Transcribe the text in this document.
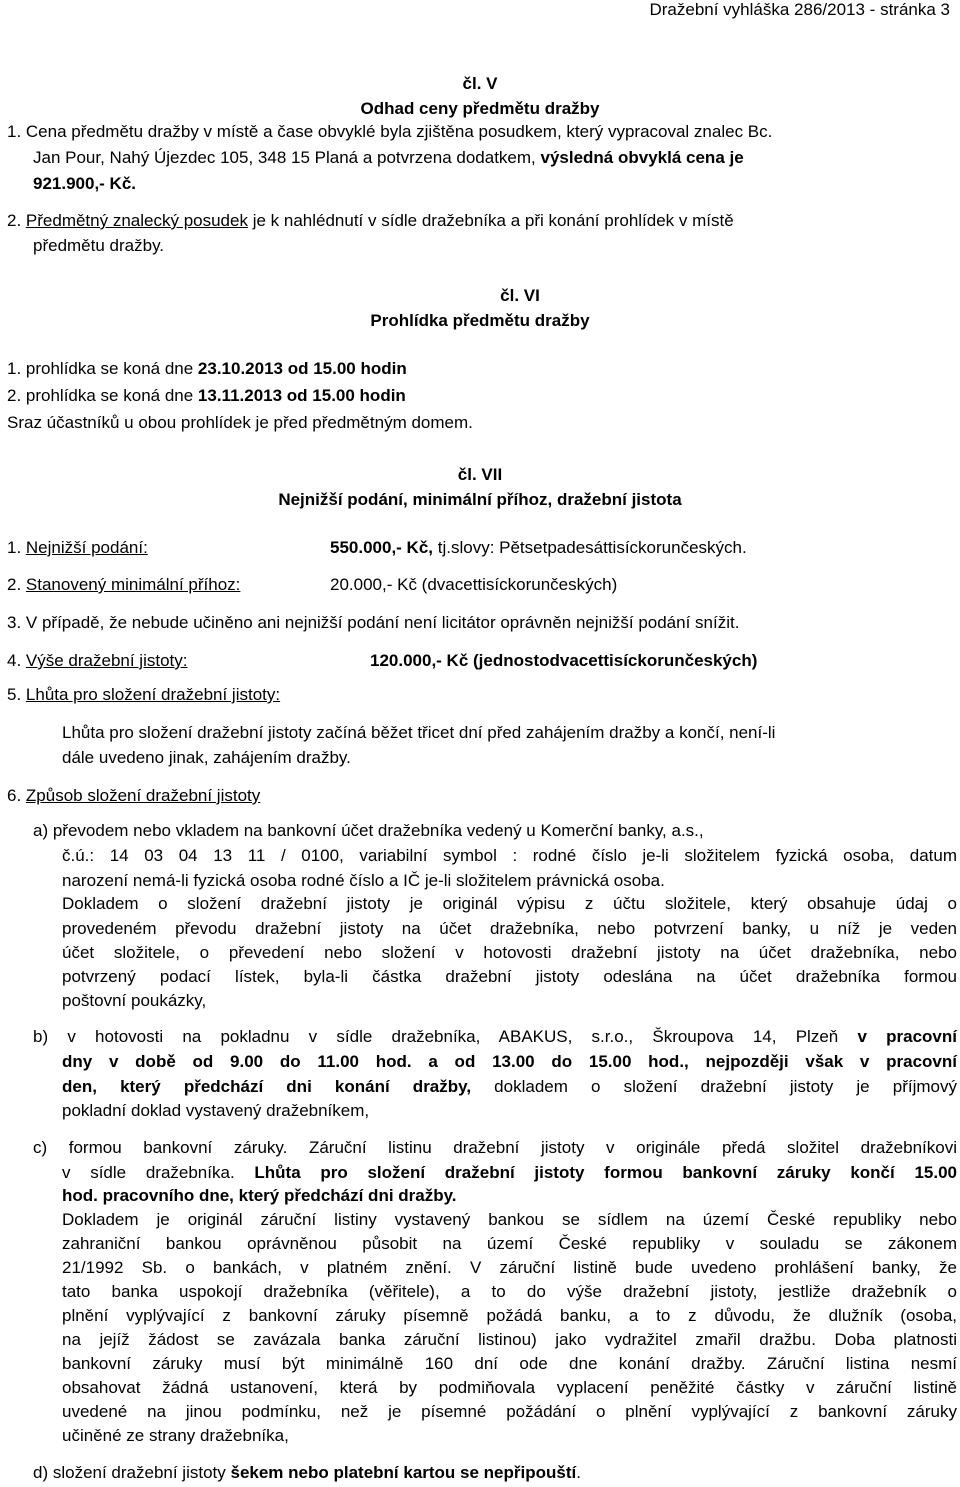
Dražební vyhláška 286/2013 - stránka 3
čl. V
Odhad ceny předmětu dražby
1. Cena předmětu dražby v místě a čase obvyklé byla zjištěna posudkem, který vypracoval znalec Bc.
Jan Pour, Nahý Újezdec 105, 348 15 Planá a potvrzena dodatkem, výsledná obvyklá cena je
921.900,- Kč.
2. Předmětný znalecký posudek je k nahlédnutí v sídle dražebníka a při konání prohlídek v místě
předmětu dražby.
čl. VI
Prohlídka předmětu dražby
1. prohlídka se koná dne 23.10.2013 od 15.00 hodin
2. prohlídka se koná dne 13.11.2013 od 15.00 hodin
Sraz účastníků u obou prohlídek je před předmětným domem.
čl. VII
Nejnižší podání, minimální příhoz, dražební jistota
1. Nejnižší podání:	550.000,- Kč, tj.slovy: Pětsetpadesáttisíckorunčeských.
2. Stanovený minimální příhoz:	20.000,- Kč (dvacettisíckorunčeských)
3. V případě, že nebude učiněno ani nejnižší podání není licitátor oprávněn nejnižší podání snížit.
4. Výše dražební jistoty:	120.000,- Kč (jednostodvacettisíckorunčeských)
5. Lhůta pro složení dražební jistoty:
Lhůta pro složení dražební jistoty začíná běžet třicet dní před zahájením dražby a končí, není-li
dále uvedeno jinak, zahájením dražby.
6. Způsob složení dražební jistoty
a) převodem nebo vkladem na bankovní účet dražebníka vedený u Komerční banky, a.s.,
č.ú.: 14 03 04 13 11 / 0100, variabilní symbol : rodné číslo je-li složitelem fyzická osoba, datum
narození nemá-li fyzická osoba rodné číslo a IČ je-li složitelem právnická osoba.
Dokladem o složení dražební jistoty je originál výpisu z účtu složitele, který obsahuje údaj o
provedeném převodu dražební jistoty na účet dražebníka, nebo potvrzení banky, u níž je veden
účet složitele, o převedení nebo složení v hotovosti dražební jistoty na účet dražebníka, nebo
potvrzený podací lístek, byla-li částka dražební jistoty odeslána na účet dražebníka formou
poštovní poukázky,
b) v hotovosti na pokladnu v sídle dražebníka, ABAKUS, s.r.o., Škroupova 14, Plzeň v pracovní
dny v době od 9.00 do 11.00 hod. a od 13.00 do 15.00 hod., nejpozději však v pracovní
den, který předchází dni konání dražby, dokladem o složení dražební jistoty je příjmový
pokladní doklad vystavený dražebníkem,
c) formou bankovní záruky. Záruční listinu dražební jistoty v originále předá složitel dražebníkovi
v sídle dražebníka. Lhůta pro složení dražební jistoty formou bankovní záruky končí 15.00
hod. pracovního dne, který předchází dni dražby.
Dokladem je originál záruční listiny vystavený bankou se sídlem na území České republiky nebo
zahraniční bankou oprávněnou působit na území České republiky v souladu se zákonem
21/1992 Sb. o bankách, v platném znění. V záruční listině bude uvedeno prohlášení banky, že
tato banka uspokojí dražebníka (věřitele), a to do výše dražební jistoty, jestliže dražebník o
plnění vyplývající z bankovní záruky písemně požádá banku, a to z důvodu, že dlužník (osoba,
na jejíž žádost se zavázala banka záruční listinou) jako vydražitel zmařil dražbu. Doba platnosti
bankovní záruky musí být minimálně 160 dní ode dne konání dražby. Záruční listina nesmí
obsahovat žádná ustanovení, která by podmiňovala vyplacení peněžité částky v záruční listině
uvedené na jinou podmínku, než je písemné požádání o plnění vyplývající z bankovní záruky
učiněné ze strany dražebníka,
d) složení dražební jistoty šekem nebo platební kartou se nepřipouští.
